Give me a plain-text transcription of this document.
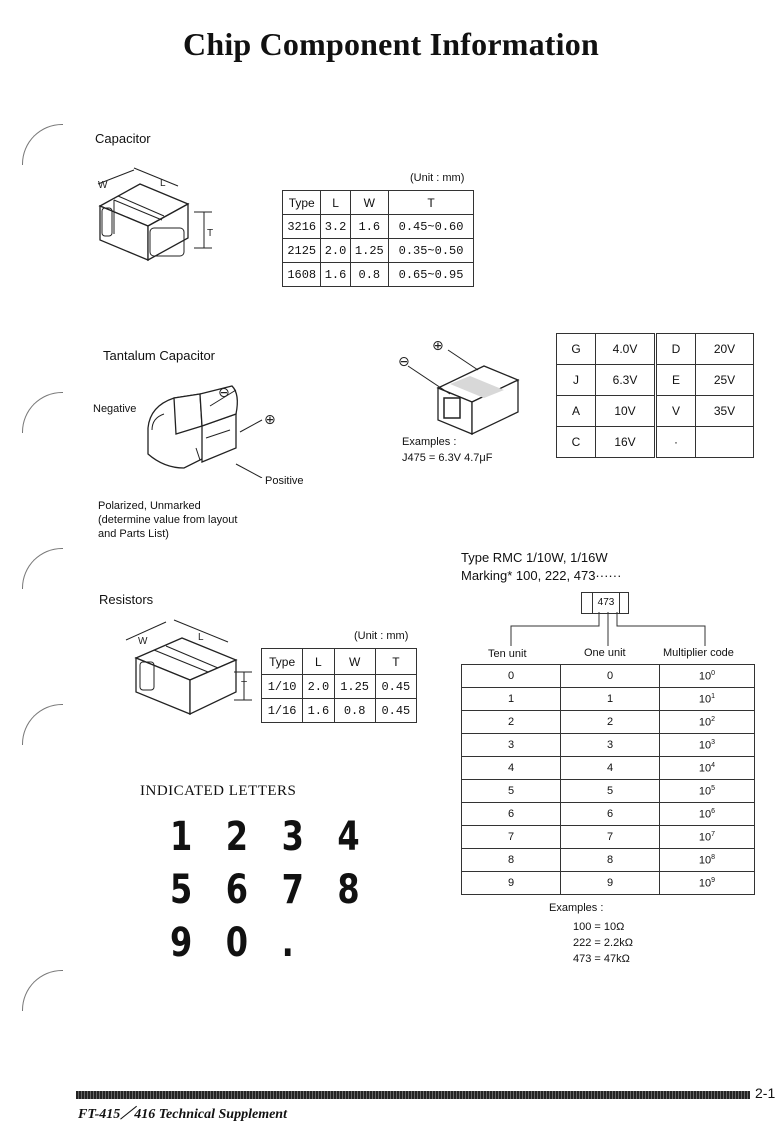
Chip Component Information
Capacitor
W	L
T
(Unit : mm)
Type	L	W	T
3216	3.2	1.6	0.45~0.60
2125	2.0	1.25	0.35~0.50
1608	1.6	0.8	0.65~0.95
Tantalum Capacitor
Negative
Positive
⊖
⊕
Polarized, Unmarked
(determine value from layout
and Parts List)
⊕
⊖
Examples :
J475 = 6.3V 4.7μF
G	4.0V	D	20V
J	6.3V	E	25V
A	10V	V	35V
C	16V	·	
Resistors
W	L
T
(Unit : mm)
Type	L	W	T
1/10	2.0	1.25	0.45
1/16	1.6	0.8	0.45
Type RMC 1/10W, 1/16W
Marking* 100, 222, 473······
473
Ten unit	One unit	Multiplier code
0	0	$10^0$
1	1	$10^1$
2	2	$10^2$
3	3	$10^3$
4	4	$10^4$
5	5	$10^5$
6	6	$10^6$
7	7	$10^7$
8	8	$10^8$
9	9	$10^9$
Examples :
100 = 10Ω
222 = 2.2kΩ
473 = 47kΩ
INDICATED LETTERS
1 2 3 4
5 6 7 8
9 0 .
2-1
FT-415／416 Technical Supplement
